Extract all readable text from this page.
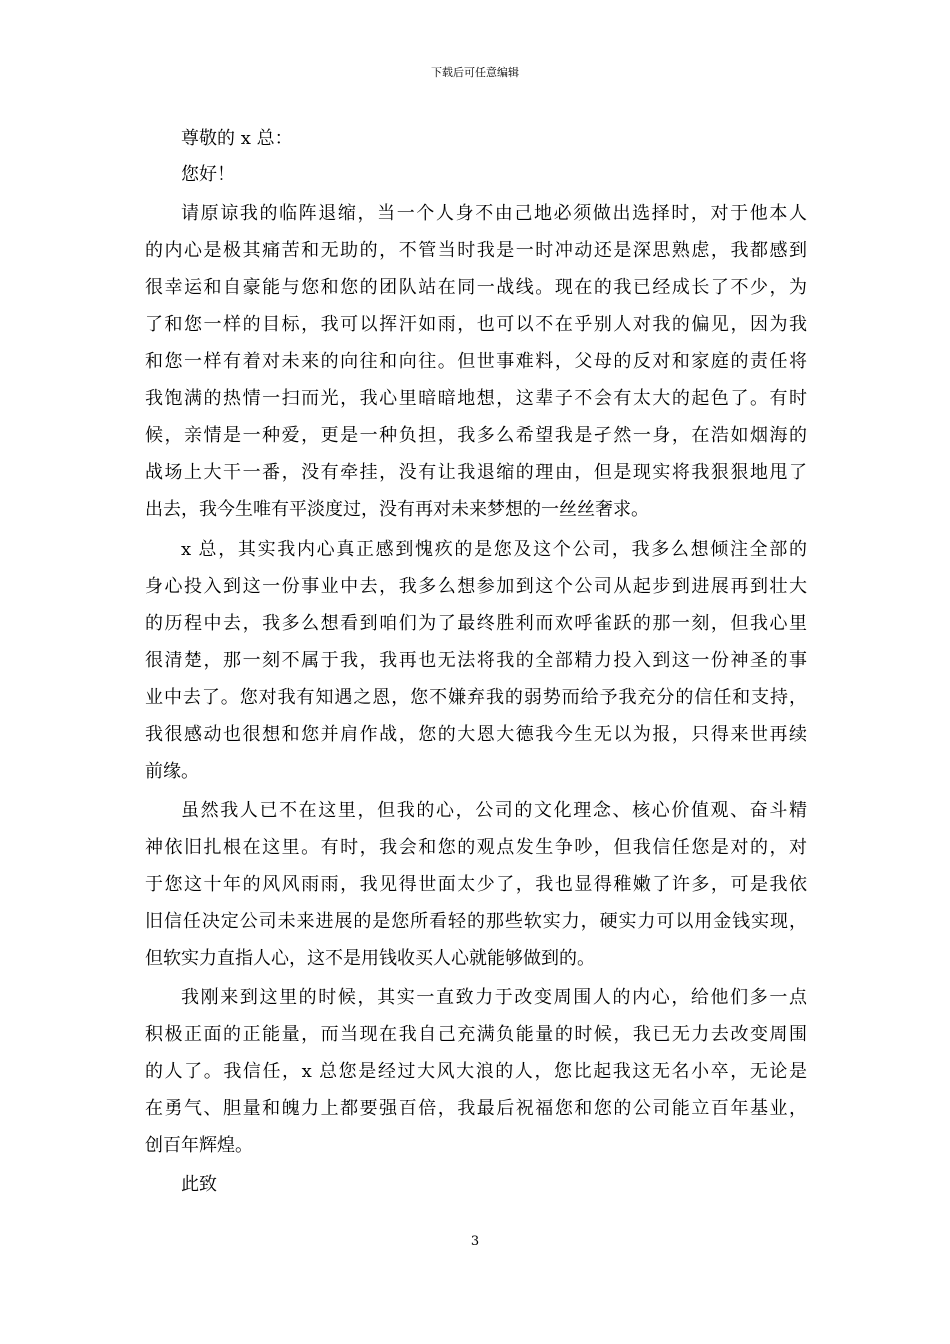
下载后可任意编辑
尊敬的 x 总：
您好！
请原谅我的临阵退缩，当一个人身不由己地必须做出选择时，对于他本人
的内心是极其痛苦和无助的，不管当时我是一时冲动还是深思熟虑，我都感到
很幸运和自豪能与您和您的团队站在同一战线。现在的我已经成长了不少，为
了和您一样的目标，我可以挥汗如雨，也可以不在乎别人对我的偏见，因为我
和您一样有着对未来的向往和向往。但世事难料，父母的反对和家庭的责任将
我饱满的热情一扫而光，我心里暗暗地想，这辈子不会有太大的起色了。有时
候，亲情是一种爱，更是一种负担，我多么希望我是孑然一身，在浩如烟海的
战场上大干一番，没有牵挂，没有让我退缩的理由，但是现实将我狠狠地甩了
出去，我今生唯有平淡度过，没有再对未来梦想的一丝丝奢求。
x 总，其实我内心真正感到愧疚的是您及这个公司，我多么想倾注全部的
身心投入到这一份事业中去，我多么想参加到这个公司从起步到进展再到壮大
的历程中去，我多么想看到咱们为了最终胜利而欢呼雀跃的那一刻，但我心里
很清楚，那一刻不属于我，我再也无法将我的全部精力投入到这一份神圣的事
业中去了。您对我有知遇之恩，您不嫌弃我的弱势而给予我充分的信任和支持，
我很感动也很想和您并肩作战，您的大恩大德我今生无以为报，只得来世再续
前缘。
虽然我人已不在这里，但我的心，公司的文化理念、核心价值观、奋斗精
神依旧扎根在这里。有时，我会和您的观点发生争吵，但我信任您是对的，对
于您这十年的风风雨雨，我见得世面太少了，我也显得稚嫩了许多，可是我依
旧信任决定公司未来进展的是您所看轻的那些软实力，硬实力可以用金钱实现，
但软实力直指人心，这不是用钱收买人心就能够做到的。
我刚来到这里的时候，其实一直致力于改变周围人的内心，给他们多一点
积极正面的正能量，而当现在我自己充满负能量的时候，我已无力去改变周围
的人了。我信任，x 总您是经过大风大浪的人，您比起我这无名小卒，无论是
在勇气、胆量和魄力上都要强百倍，我最后祝福您和您的公司能立百年基业，
创百年辉煌。
此致
3
